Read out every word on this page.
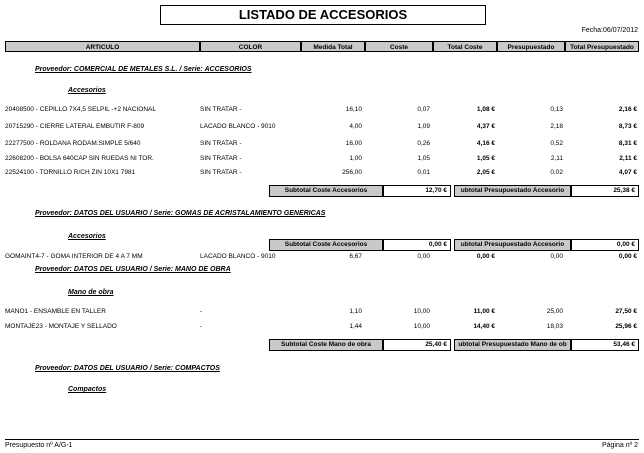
LISTADO DE ACCESORIOS
Fecha:06/07/2012
ARTICULO	COLOR	Medida Total	Coste	Total Coste	Presupuestado	Total Presupuestado
Proveedor: COMERCIAL DE METALES S.L. / Serie: ACCESORIOS
Accesorios
20408500 - CEPILLO 7X4,5 SELPIL -+2 NACIONAL	SIN TRATAR -	16,10	0,07	1,08 €	0,13	2,16 €
20715290 - CIERRE LATERAL EMBUTIR F-809	LACADO BLANCO - 9010	4,00	1,09	4,37 €	2,18	8,73 €
22277500 - ROLDANA RODAM.SIMPLE 5/640	SIN TRATAR -	16,00	0,26	4,16 €	0,52	8,31 €
22608200 - BOLSA 640CAP SIN RUEDAS NI TOR.	SIN TRATAR -	1,00	1,05	1,05 €	2,11	2,11 €
22524100 - TORNILLO R/CH ZIN 10X1 7981	SIN TRATAR -	256,00	0,01	2,05 €	0,02	4,07 €
Subtotal Coste Accesorios	12,70 €	ubtotal Presupuestado Accesorio	25,38 €
Proveedor: DATOS DEL USUARIO / Serie: GOMAS DE ACRISTALAMIENTO GENERICAS
Accesorios
GOMAINT4-7 - GOMA INTERIOR DE 4 A 7 MM	LACADO BLANCO - 9010	6,67	0,00	0,00 €	0,00	0,00 €
Subtotal Coste Accesorios	0,00 €	ubtotal Presupuestado Accesorio	0,00 €
Proveedor: DATOS DEL USUARIO / Serie: MANO DE OBRA
Mano de obra
MANO1 - ENSAMBLE EN TALLER	-	1,10	10,00	11,00 €	25,00	27,50 €
MONTAJE23 - MONTAJE Y SELLADO	-	1,44	10,00	14,40 €	18,03	25,96 €
Subtotal Coste Mano de obra	25,40 €	ubtotal Presupuestado Mano de ob	53,46 €
Proveedor: DATOS DEL USUARIO / Serie: COMPACTOS
Compactos
Presupuesto nº A/G-1	Página nº 2
